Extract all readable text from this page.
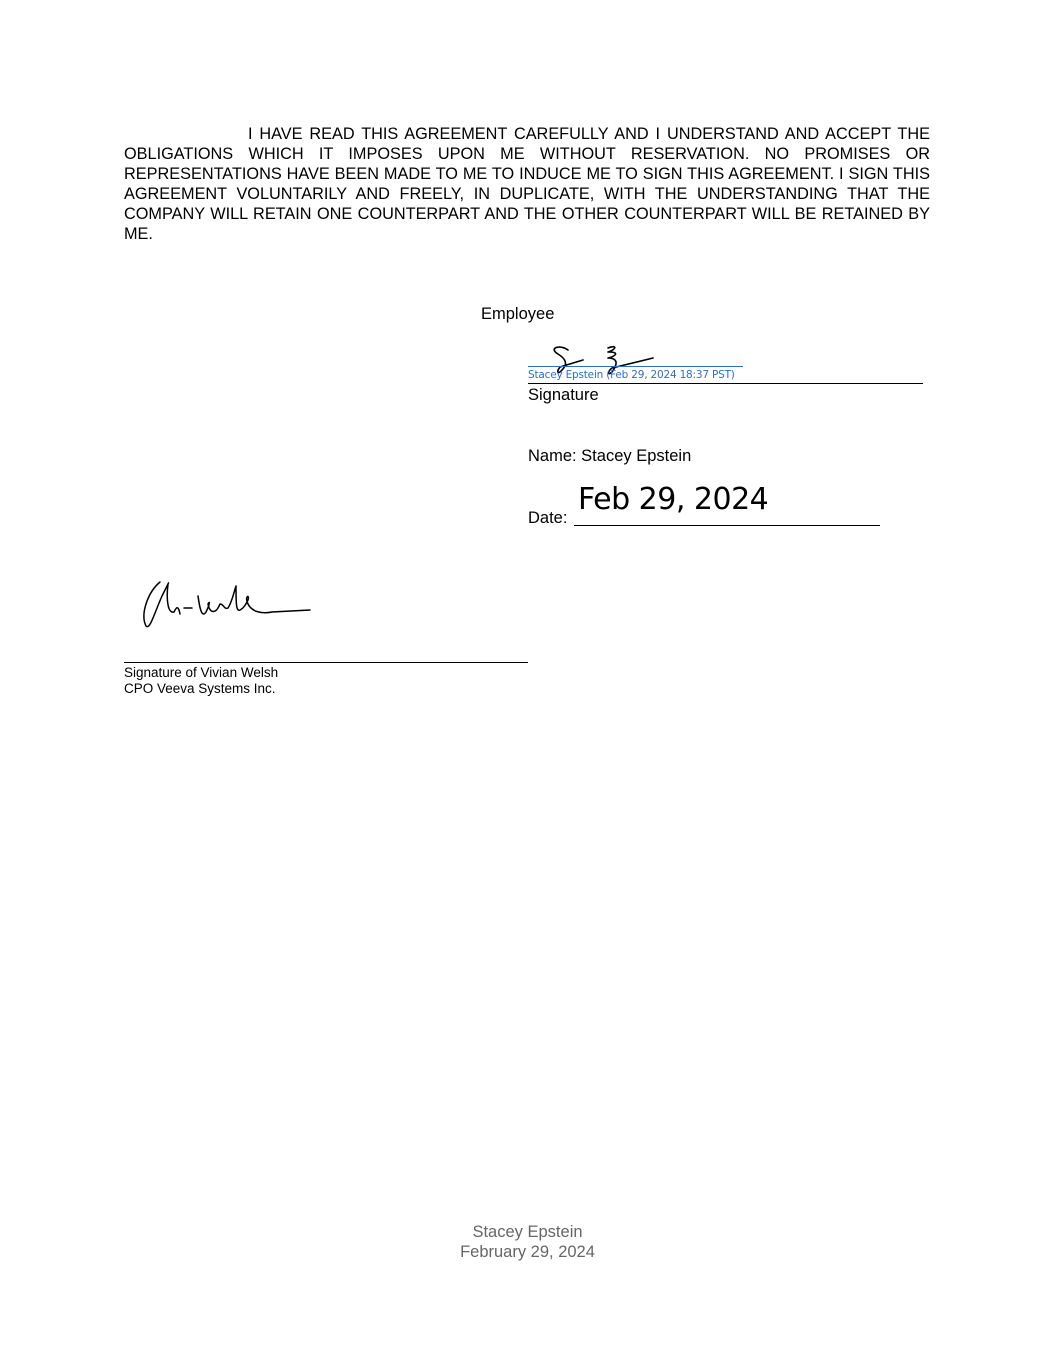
I HAVE READ THIS AGREEMENT CAREFULLY AND I UNDERSTAND AND ACCEPT THE OBLIGATIONS WHICH IT IMPOSES UPON ME WITHOUT RESERVATION. NO PROMISES OR REPRESENTATIONS HAVE BEEN MADE TO ME TO INDUCE ME TO SIGN THIS AGREEMENT. I SIGN THIS AGREEMENT VOLUNTARILY AND FREELY, IN DUPLICATE, WITH THE UNDERSTANDING THAT THE COMPANY WILL RETAIN ONE COUNTERPART AND THE OTHER COUNTERPART WILL BE RETAINED BY ME.

Employee
Stacey Epstein (Feb 29, 2024 18:37 PST)
Signature
Name: Stacey Epstein
Date:
Feb 29, 2024
Signature of Vivian Welsh
CPO Veeva Systems Inc.
Stacey Epstein
February 29, 2024
